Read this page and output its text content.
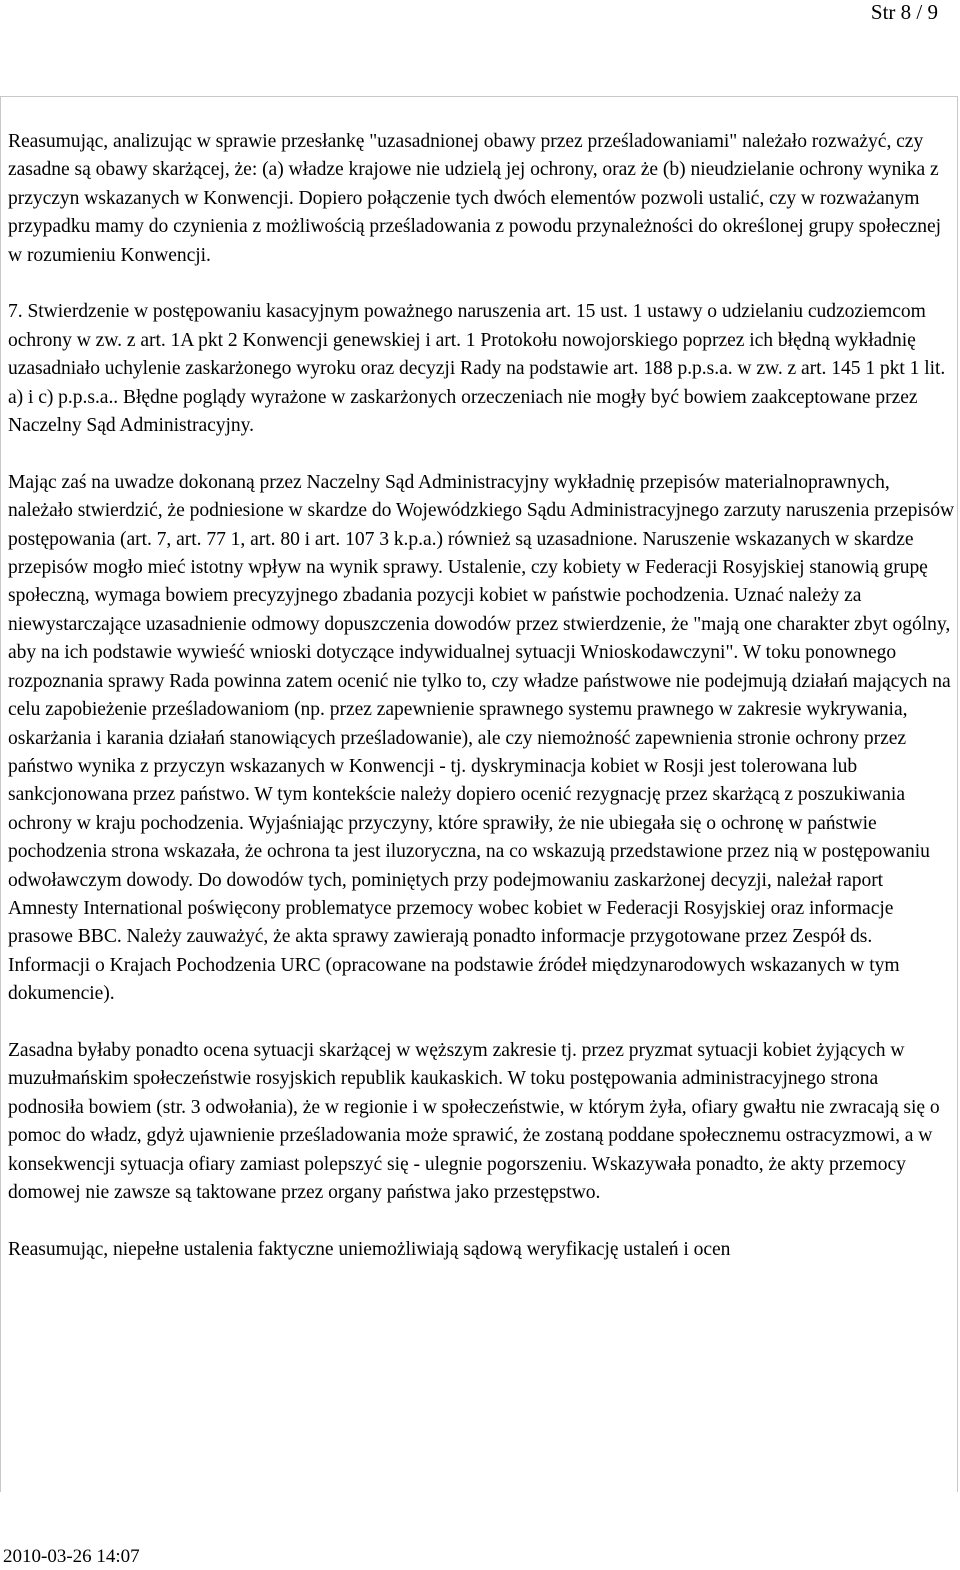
Str 8 / 9

Reasumując, analizując w sprawie przesłankę "uzasadnionej obawy przez prześladowaniami" należało rozważyć, czy zasadne są obawy skarżącej, że: (a) władze krajowe nie udzielą jej ochrony, oraz że (b) nieudzielanie ochrony wynika z przyczyn wskazanych w Konwencji. Dopiero połączenie tych dwóch elementów pozwoli ustalić, czy w rozważanym przypadku mamy do czynienia z możliwością prześladowania z powodu przynależności do określonej grupy społecznej w rozumieniu Konwencji.

7. Stwierdzenie w postępowaniu kasacyjnym poważnego naruszenia art. 15 ust. 1 ustawy o udzielaniu cudzoziemcom ochrony w zw. z art. 1A pkt 2 Konwencji genewskiej i art. 1 Protokołu nowojorskiego poprzez ich błędną wykładnię uzasadniało uchylenie zaskarżonego wyroku oraz decyzji Rady na podstawie art. 188 p.p.s.a. w zw. z art. 145 1 pkt 1 lit. a) i c) p.p.s.a.. Błędne poglądy wyrażone w zaskarżonych orzeczeniach nie mogły być bowiem zaakceptowane przez Naczelny Sąd Administracyjny.

Mając zaś na uwadze dokonaną przez Naczelny Sąd Administracyjny wykładnię przepisów materialnoprawnych, należało stwierdzić, że podniesione w skardze do Wojewódzkiego Sądu Administracyjnego zarzuty naruszenia przepisów postępowania (art. 7, art. 77 1, art. 80 i art. 107 3 k.p.a.) również są uzasadnione. Naruszenie wskazanych w skardze przepisów mogło mieć istotny wpływ na wynik sprawy. Ustalenie, czy kobiety w Federacji Rosyjskiej stanowią grupę społeczną, wymaga bowiem precyzyjnego zbadania pozycji kobiet w państwie pochodzenia. Uznać należy za niewystarczające uzasadnienie odmowy dopuszczenia dowodów przez stwierdzenie, że "mają one charakter zbyt ogólny, aby na ich podstawie wywieść wnioski dotyczące indywidualnej sytuacji Wnioskodawczyni". W toku ponownego rozpoznania sprawy Rada powinna zatem ocenić nie tylko to, czy władze państwowe nie podejmują działań mających na celu zapobieżenie prześladowaniom (np. przez zapewnienie sprawnego systemu prawnego w zakresie wykrywania, oskarżania i karania działań stanowiących prześladowanie), ale czy niemożność zapewnienia stronie ochrony przez państwo wynika z przyczyn wskazanych w Konwencji - tj. dyskryminacja kobiet w Rosji jest tolerowana lub sankcjonowana przez państwo. W tym kontekście należy dopiero ocenić rezygnację przez skarżącą z poszukiwania ochrony w kraju pochodzenia. Wyjaśniając przyczyny, które sprawiły, że nie ubiegała się o ochronę w państwie pochodzenia strona wskazała, że ochrona ta jest iluzoryczna, na co wskazują przedstawione przez nią w postępowaniu odwoławczym dowody. Do dowodów tych, pominiętych przy podejmowaniu zaskarżonej decyzji, należał raport Amnesty International poświęcony problematyce przemocy wobec kobiet w Federacji Rosyjskiej oraz informacje prasowe BBC. Należy zauważyć, że akta sprawy zawierają ponadto informacje przygotowane przez Zespół ds. Informacji o Krajach Pochodzenia URC (opracowane na podstawie źródeł międzynarodowych wskazanych w tym dokumencie).

Zasadna byłaby ponadto ocena sytuacji skarżącej w węższym zakresie tj. przez pryzmat sytuacji kobiet żyjących w muzułmańskim społeczeństwie rosyjskich republik kaukaskich. W toku postępowania administracyjnego strona podnosiła bowiem (str. 3 odwołania), że w regionie i w społeczeństwie, w którym żyła, ofiary gwałtu nie zwracają się o pomoc do władz, gdyż ujawnienie prześladowania może sprawić, że zostaną poddane społecznemu ostracyzmowi, a w konsekwencji sytuacja ofiary zamiast polepszyć się - ulegnie pogorszeniu. Wskazywała ponadto, że akty przemocy domowej nie zawsze są taktowane przez organy państwa jako przestępstwo.

Reasumując, niepełne ustalenia faktyczne uniemożliwiają sądową weryfikację ustaleń i ocen

2010-03-26 14:07
